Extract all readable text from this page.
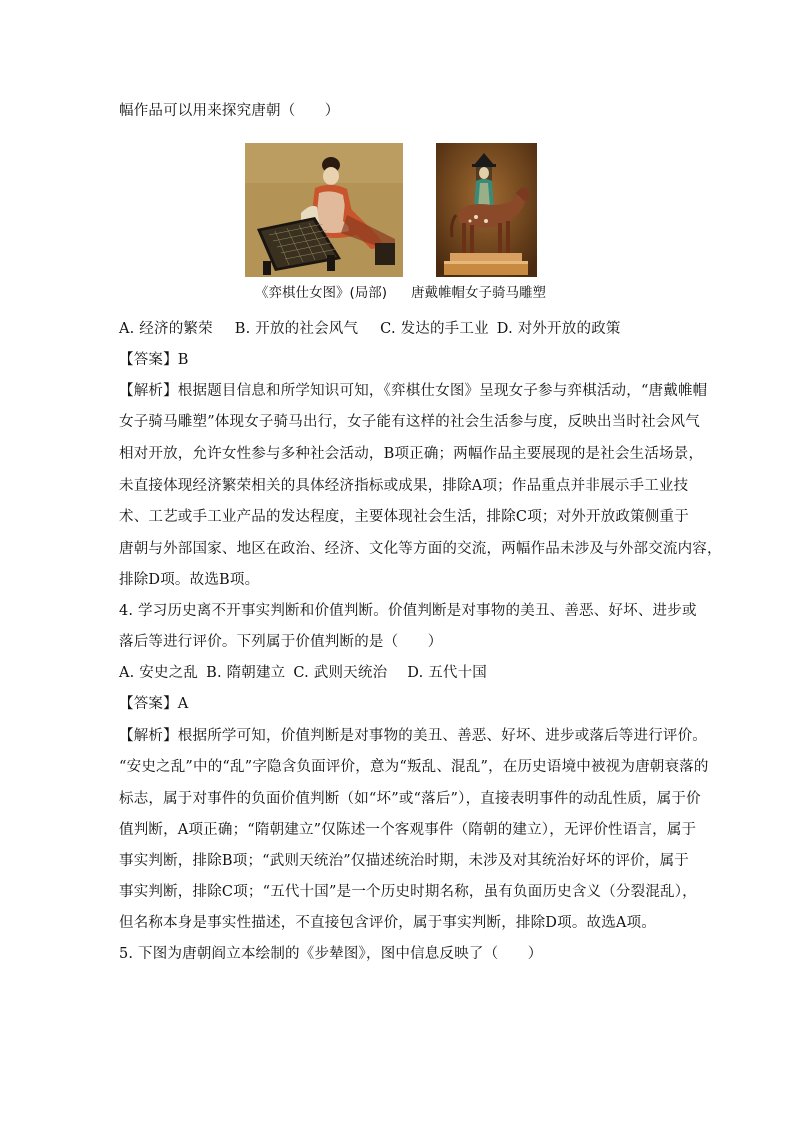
幅作品可以用来探究唐朝（　　）
《弈棋仕女图》(局部) 唐戴帷帽女子骑马雕塑
A. 经济的繁荣 B. 开放的社会风气 C. 发达的手工业 D. 对外开放的政策
【答案】B
【解析】根据题目信息和所学知识可知，《弈棋仕女图》呈现女子参与弈棋活动，“唐戴帷帽
女子骑马雕塑”体现女子骑马出行，女子能有这样的社会生活参与度，反映出当时社会风气
相对开放，允许女性参与多种社会活动，B项正确；两幅作品主要展现的是社会生活场景，
未直接体现经济繁荣相关的具体经济指标或成果，排除A项；作品重点并非展示手工业技
术、工艺或手工业产品的发达程度，主要体现社会生活，排除C项；对外开放政策侧重于
唐朝与外部国家、地区在政治、经济、文化等方面的交流，两幅作品未涉及与外部交流内容，
排除D项。故选B项。
4. 学习历史离不开事实判断和价值判断。价值判断是对事物的美丑、善恶、好坏、进步或
落后等进行评价。下列属于价值判断的是（　　）
A. 安史之乱 B. 隋朝建立 C. 武则天统治 D. 五代十国
【答案】A
【解析】根据所学可知，价值判断是对事物的美丑、善恶、好坏、进步或落后等进行评价。
“安史之乱”中的“乱”字隐含负面评价，意为“叛乱、混乱”，在历史语境中被视为唐朝衰落的
标志，属于对事件的负面价值判断（如“坏”或“落后”），直接表明事件的动乱性质，属于价
值判断，A项正确；“隋朝建立”仅陈述一个客观事件（隋朝的建立），无评价性语言，属于
事实判断，排除B项；“武则天统治”仅描述统治时期，未涉及对其统治好坏的评价，属于
事实判断，排除C项；“五代十国”是一个历史时期名称，虽有负面历史含义（分裂混乱），
但名称本身是事实性描述，不直接包含评价，属于事实判断，排除D项。故选A项。
5. 下图为唐朝阎立本绘制的《步辇图》，图中信息反映了（　　）
